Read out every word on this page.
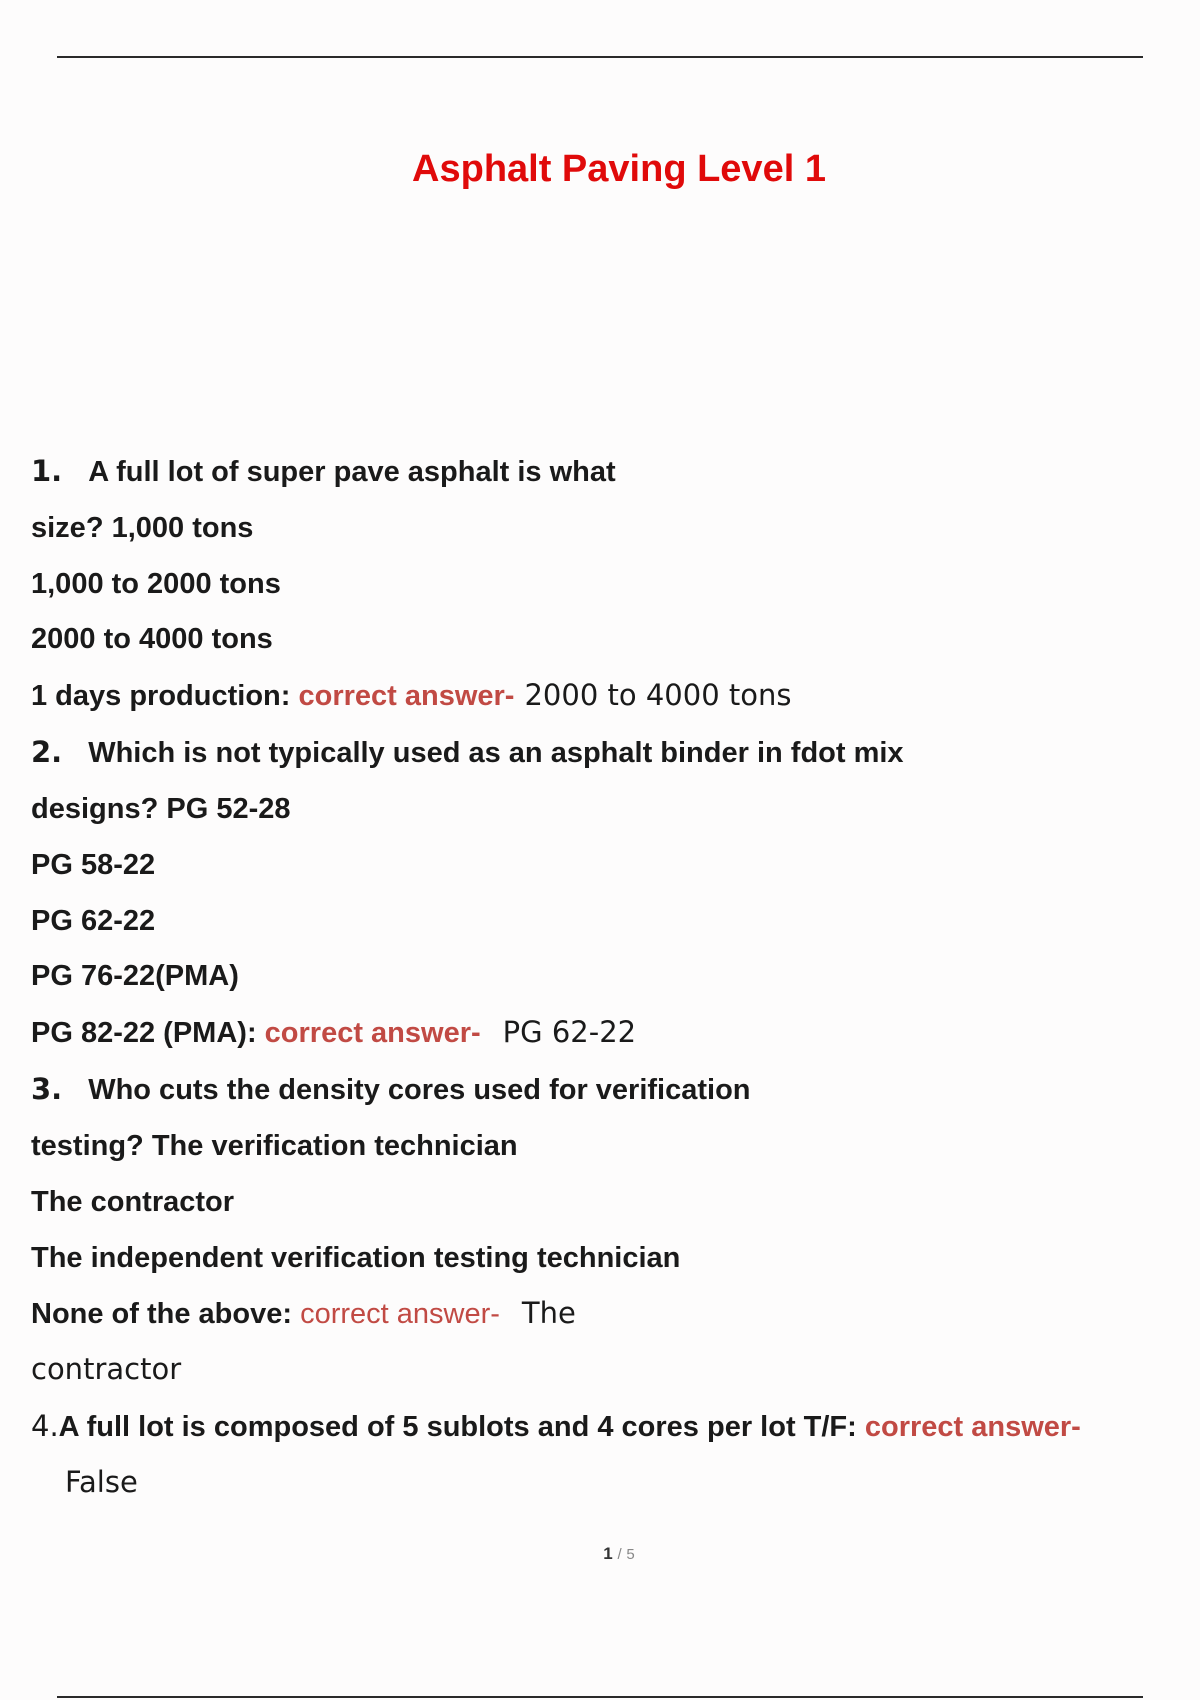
Asphalt Paving Level 1
1. A full lot of super pave asphalt is what
size? 1,000 tons
1,000 to 2000 tons
2000 to 4000 tons
1 days production: correct answer- 2000 to 4000 tons
2. Which is not typically used as an asphalt binder in fdot mix
designs? PG 52-28
PG 58-22
PG 62-22
PG 76-22(PMA)
PG 82-22 (PMA): correct answer- PG 62-22
3. Who cuts the density cores used for verification
testing? The verification technician
The contractor
The independent verification testing technician
None of the above: correct answer- The
contractor
4.A full lot is composed of 5 sublots and 4 cores per lot T/F: correct answer-
False
1 / 5
